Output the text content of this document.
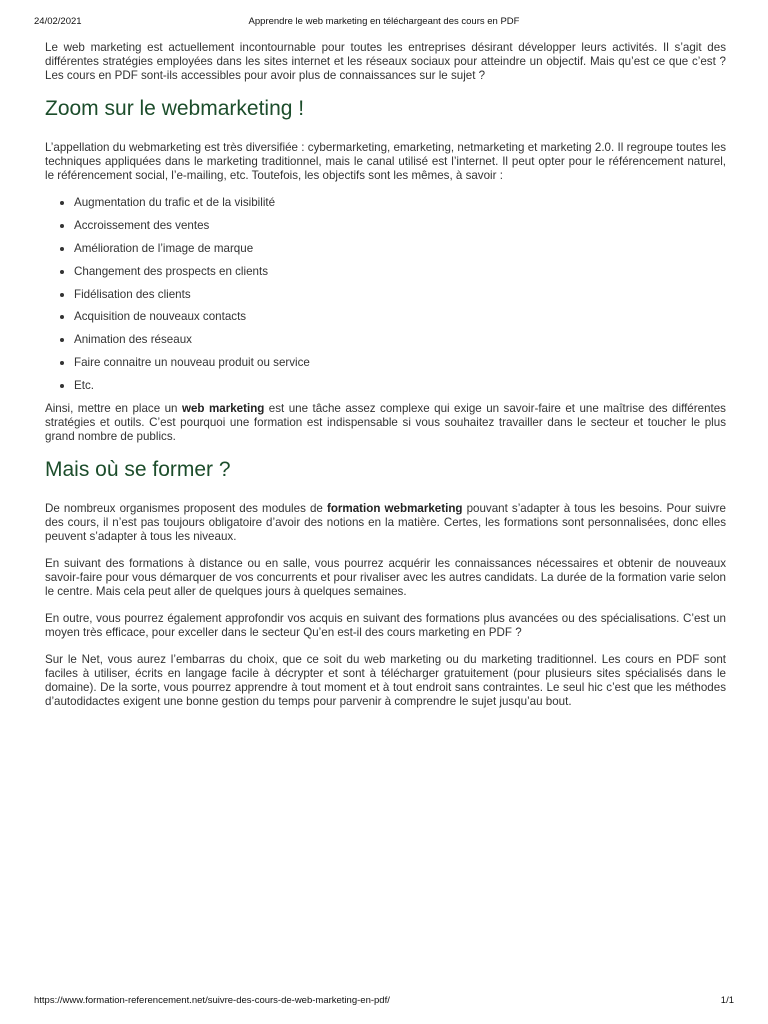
24/02/2021	Apprendre le web marketing en téléchargeant des cours en PDF

Le web marketing est actuellement incontournable pour toutes les entreprises désirant développer leurs activités. Il s’agit des différentes stratégies employées dans les sites internet et les réseaux sociaux pour atteindre un objectif. Mais qu’est ce que c’est ? Les cours en PDF sont-ils accessibles pour avoir plus de connaissances sur le sujet ?

Zoom sur le webmarketing !

L’appellation du webmarketing est très diversifiée : cybermarketing, emarketing, netmarketing et marketing 2.0. Il regroupe toutes les techniques appliquées dans le marketing traditionnel, mais le canal utilisé est l’internet. Il peut opter pour le référencement naturel, le référencement social, l’e-mailing, etc. Toutefois, les objectifs sont les mêmes, à savoir :

Augmentation du trafic et de la visibilité
Accroissement des ventes
Amélioration de l’image de marque
Changement des prospects en clients
Fidélisation des clients
Acquisition de nouveaux contacts
Animation des réseaux
Faire connaitre un nouveau produit ou service
Etc.

Ainsi, mettre en place un web marketing est une tâche assez complexe qui exige un savoir-faire et une maîtrise des différentes stratégies et outils. C’est pourquoi une formation est indispensable si vous souhaitez travailler dans le secteur et toucher le plus grand nombre de publics.

Mais où se former ?

De nombreux organismes proposent des modules de formation webmarketing pouvant s’adapter à tous les besoins. Pour suivre des cours, il n’est pas toujours obligatoire d’avoir des notions en la matière. Certes, les formations sont personnalisées, donc elles peuvent s’adapter à tous les niveaux.

En suivant des formations à distance ou en salle, vous pourrez acquérir les connaissances nécessaires et obtenir de nouveaux savoir-faire pour vous démarquer de vos concurrents et pour rivaliser avec les autres candidats. La durée de la formation varie selon le centre. Mais cela peut aller de quelques jours à quelques semaines.

En outre, vous pourrez également approfondir vos acquis en suivant des formations plus avancées ou des spécialisations. C’est un moyen très efficace, pour exceller dans le secteur Qu’en est-il des cours marketing en PDF ?

Sur le Net, vous aurez l’embarras du choix, que ce soit du web marketing ou du marketing traditionnel. Les cours en PDF sont faciles à utiliser, écrits en langage facile à décrypter et sont à télécharger gratuitement (pour plusieurs sites spécialisés dans le domaine). De la sorte, vous pourrez apprendre à tout moment et à tout endroit sans contraintes. Le seul hic c’est que les méthodes d’autodidactes exigent une bonne gestion du temps pour parvenir à comprendre le sujet jusqu’au bout.

https://www.formation-referencement.net/suivre-des-cours-de-web-marketing-en-pdf/	1/1
